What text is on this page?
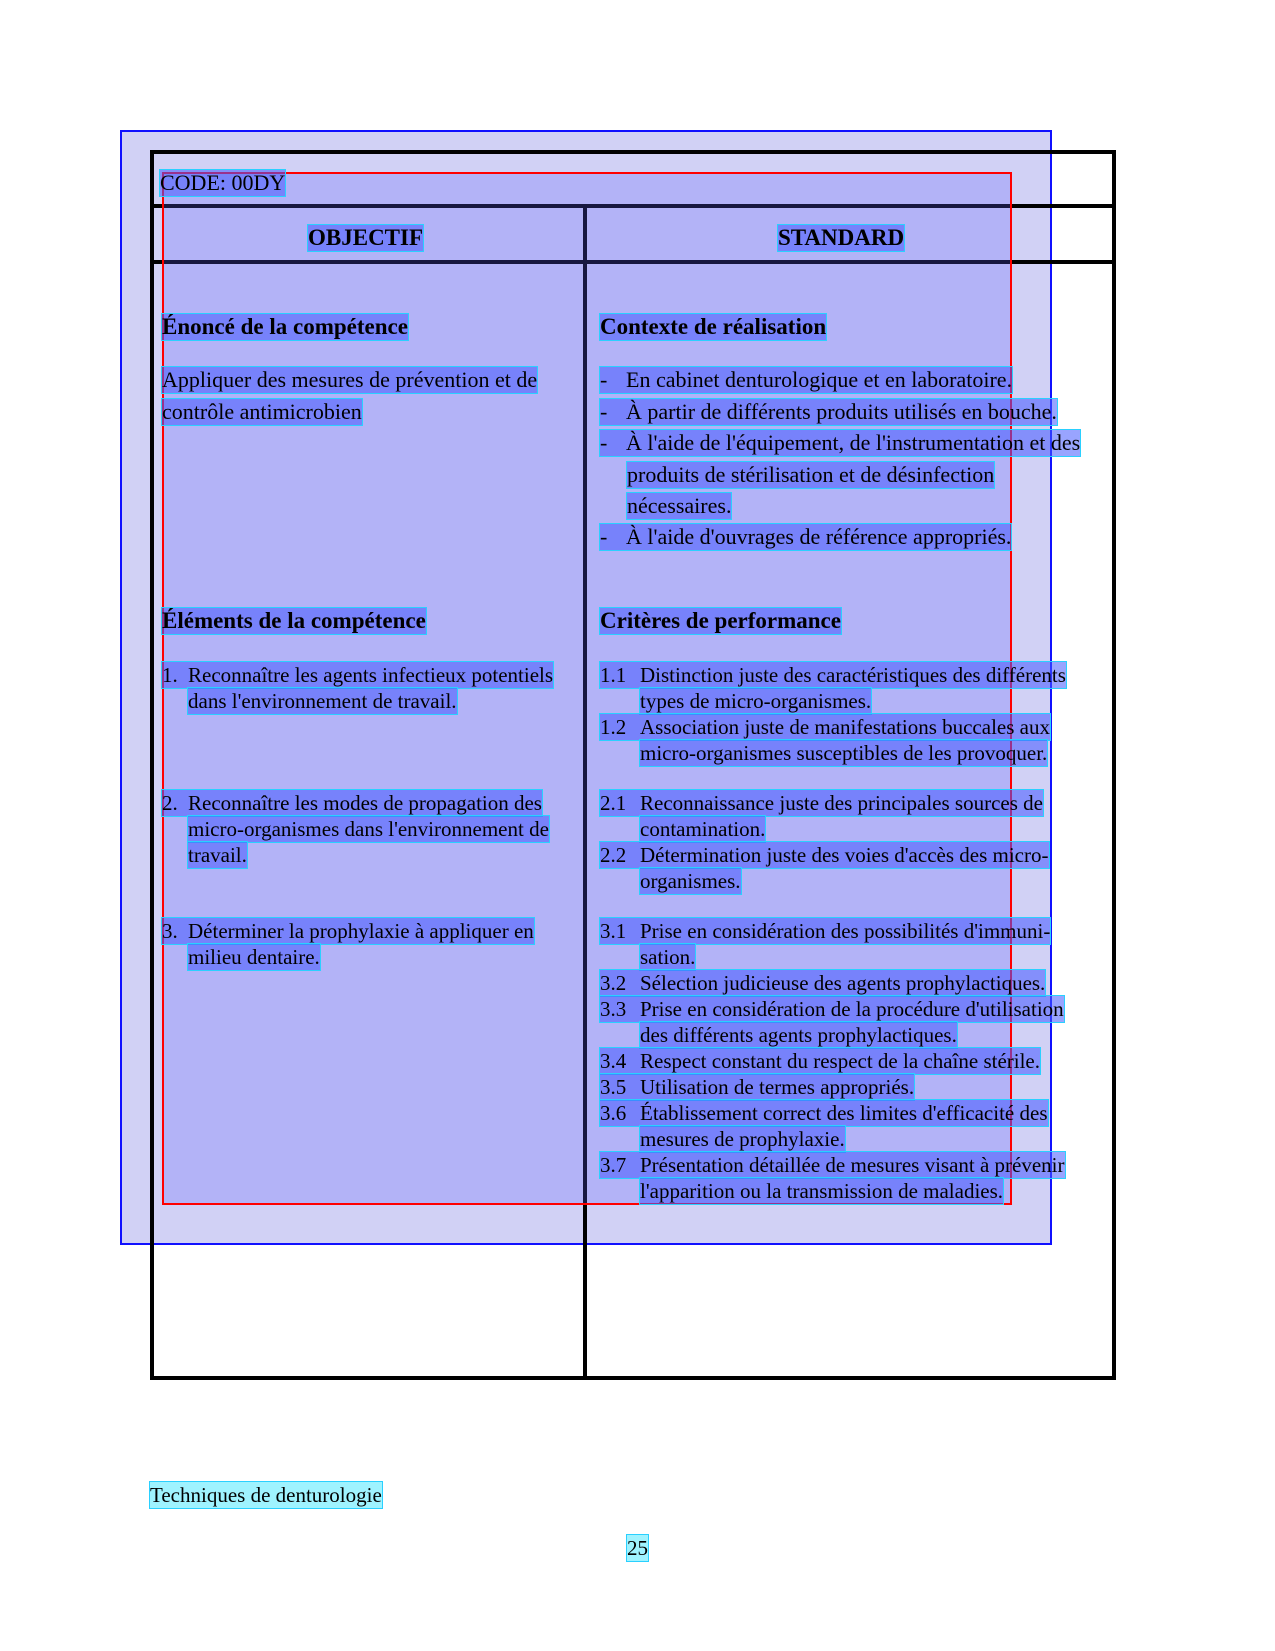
CODE: 00DY
OBJECTIF	STANDARD
Énoncé de la compétence
Appliquer des mesures de prévention et de
contrôle antimicrobien
Éléments de la compétence
1. Reconnaître les agents infectieux potentiels
dans l'environnement de travail.
2. Reconnaître les modes de propagation des
micro-organismes dans l'environnement de
travail.
3. Déterminer la prophylaxie à appliquer en
milieu dentaire.
Contexte de réalisation
- En cabinet denturologique et en laboratoire.
- À partir de différents produits utilisés en bouche.
- À l'aide de l'équipement, de l'instrumentation et des
produits de stérilisation et de désinfection
nécessaires.
- À l'aide d'ouvrages de référence appropriés.
Critères de performance
1.1 Distinction juste des caractéristiques des différents
types de micro-organismes.
1.2 Association juste de manifestations buccales aux
micro-organismes susceptibles de les provoquer.
2.1 Reconnaissance juste des principales sources de
contamination.
2.2 Détermination juste des voies d'accès des micro-
organismes.
3.1 Prise en considération des possibilités d'immuni-
sation.
3.2 Sélection judicieuse des agents prophylactiques.
3.3 Prise en considération de la procédure d'utilisation
des différents agents prophylactiques.
3.4 Respect constant du respect de la chaîne stérile.
3.5 Utilisation de termes appropriés.
3.6 Établissement correct des limites d'efficacité des
mesures de prophylaxie.
3.7 Présentation détaillée de mesures visant à prévenir
l'apparition ou la transmission de maladies.
Techniques de denturologie
25
